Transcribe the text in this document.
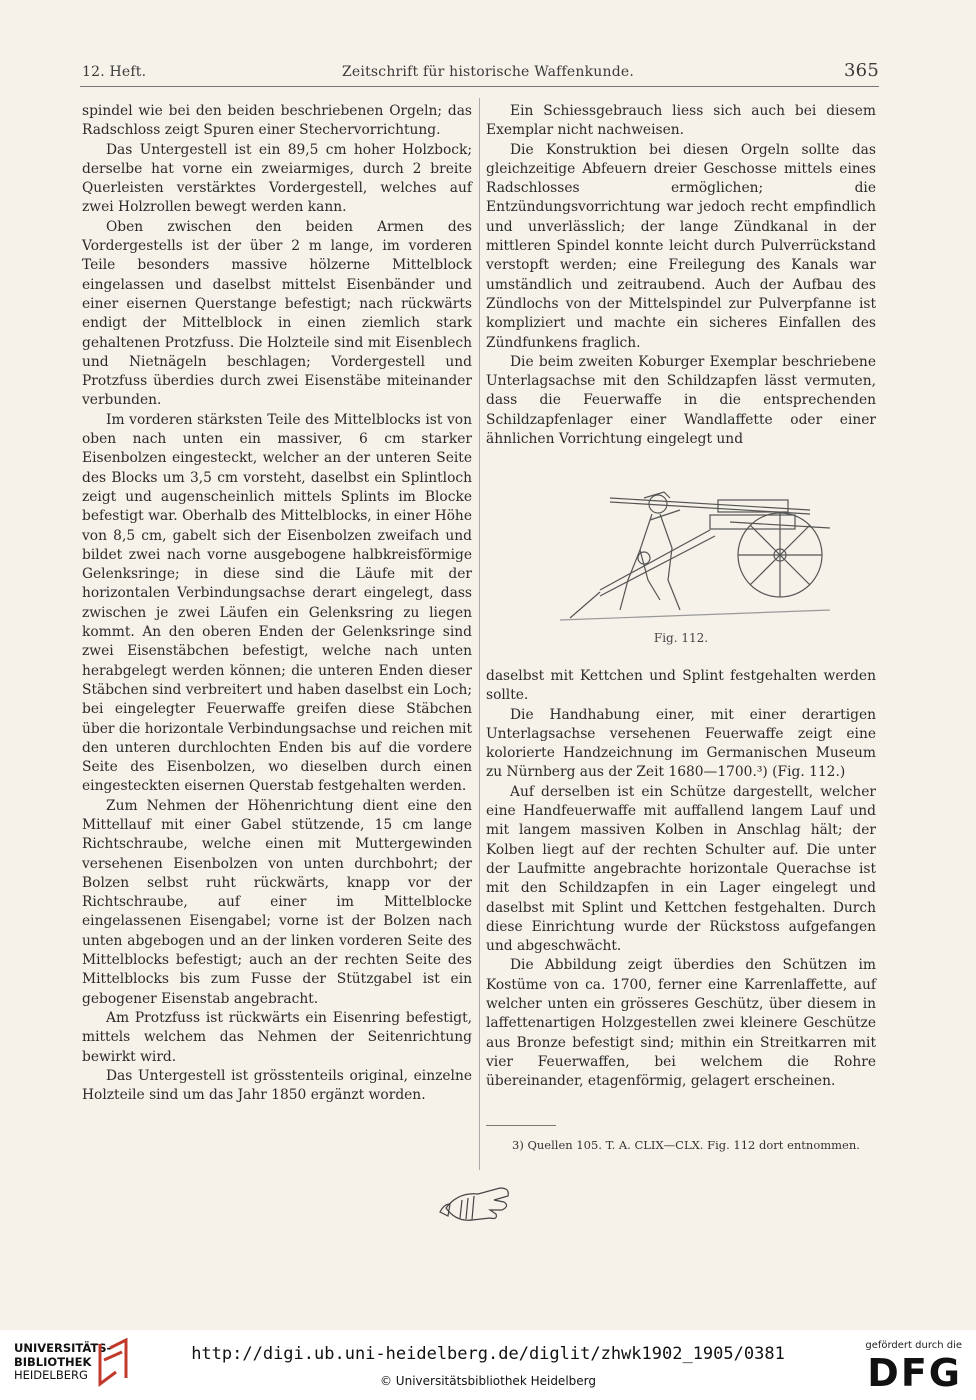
12. Heft.	Zeitschrift für historische Waffenkunde.	365

spindel wie bei den beiden beschriebenen Orgeln; das Radschloss zeigt Spuren einer Stechervorrichtung.

Das Untergestell ist ein 89,5 cm hoher Holzbock; derselbe hat vorne ein zweiarmiges, durch 2 breite Querleisten verstärktes Vordergestell, welches auf zwei Holzrollen bewegt werden kann.

Oben zwischen den beiden Armen des Vordergestells ist der über 2 m lange, im vorderen Teile besonders massive hölzerne Mittelblock eingelassen und daselbst mittelst Eisenbänder und einer eisernen Querstange befestigt; nach rückwärts endigt der Mittelblock in einen ziemlich stark gehaltenen Protzfuss. Die Holzteile sind mit Eisenblech und Nietnägeln beschlagen; Vordergestell und Protzfuss überdies durch zwei Eisenstäbe miteinander verbunden.

Im vorderen stärksten Teile des Mittelblocks ist von oben nach unten ein massiver, 6 cm starker Eisenbolzen eingesteckt, welcher an der unteren Seite des Blocks um 3,5 cm vorsteht, daselbst ein Splintloch zeigt und augenscheinlich mittels Splints im Blocke befestigt war. Oberhalb des Mittelblocks, in einer Höhe von 8,5 cm, gabelt sich der Eisenbolzen zweifach und bildet zwei nach vorne ausgebogene halbkreisförmige Gelenksringe; in diese sind die Läufe mit der horizontalen Verbindungsachse derart eingelegt, dass zwischen je zwei Läufen ein Gelenksring zu liegen kommt. An den oberen Enden der Gelenksringe sind zwei Eisenstäbchen befestigt, welche nach unten herabgelegt werden können; die unteren Enden dieser Stäbchen sind verbreitert und haben daselbst ein Loch; bei eingelegter Feuerwaffe greifen diese Stäbchen über die horizontale Verbindungsachse und reichen mit den unteren durchlochten Enden bis auf die vordere Seite des Eisenbolzen, wo dieselben durch einen eingesteckten eisernen Querstab festgehalten werden.

Zum Nehmen der Höhenrichtung dient eine den Mittellauf mit einer Gabel stützende, 15 cm lange Richtschraube, welche einen mit Muttergewinden versehenen Eisenbolzen von unten durchbohrt; der Bolzen selbst ruht rückwärts, knapp vor der Richtschraube, auf einer im Mittelblocke eingelassenen Eisengabel; vorne ist der Bolzen nach unten abgebogen und an der linken vorderen Seite des Mittelblocks befestigt; auch an der rechten Seite des Mittelblocks bis zum Fusse der Stützgabel ist ein gebogener Eisenstab angebracht.

Am Protzfuss ist rückwärts ein Eisenring befestigt, mittels welchem das Nehmen der Seitenrichtung bewirkt wird.

Das Untergestell ist grösstenteils original, einzelne Holzteile sind um das Jahr 1850 ergänzt worden.

Ein Schiessgebrauch liess sich auch bei diesem Exemplar nicht nachweisen.

Die Konstruktion bei diesen Orgeln sollte das gleichzeitige Abfeuern dreier Geschosse mittels eines Radschlosses ermöglichen; die Entzündungsvorrichtung war jedoch recht empfindlich und unverlässlich; der lange Zündkanal in der mittleren Spindel konnte leicht durch Pulverrückstand verstopft werden; eine Freilegung des Kanals war umständlich und zeitraubend. Auch der Aufbau des Zündlochs von der Mittelspindel zur Pulverpfanne ist kompliziert und machte ein sicheres Einfallen des Zündfunkens fraglich.

Die beim zweiten Koburger Exemplar beschriebene Unterlagsachse mit den Schildzapfen lässt vermuten, dass die Feuerwaffe in die entsprechenden Schildzapfenlager einer Wandlaffette oder einer ähnlichen Vorrichtung eingelegt und

Fig. 112.

daselbst mit Kettchen und Splint festgehalten werden sollte.

Die Handhabung einer, mit einer derartigen Unterlagsachse versehenen Feuerwaffe zeigt eine kolorierte Handzeichnung im Germanischen Museum zu Nürnberg aus der Zeit 1680—1700.³) (Fig. 112.)

Auf derselben ist ein Schütze dargestellt, welcher eine Handfeuerwaffe mit auffallend langem Lauf und mit langem massiven Kolben in Anschlag hält; der Kolben liegt auf der rechten Schulter auf. Die unter der Laufmitte angebrachte horizontale Querachse ist mit den Schildzapfen in ein Lager eingelegt und daselbst mit Splint und Kettchen festgehalten. Durch diese Einrichtung wurde der Rückstoss aufgefangen und abgeschwächt.

Die Abbildung zeigt überdies den Schützen im Kostüme von ca. 1700, ferner eine Karrenlaffette, auf welcher unten ein grösseres Geschütz, über diesem in laffettenartigen Holzgestellen zwei kleinere Geschütze aus Bronze befestigt sind; mithin ein Streitkarren mit vier Feuerwaffen, bei welchem die Rohre übereinander, etagenförmig, gelagert erscheinen.

3) Quellen 105. T. A. CLIX—CLX. Fig. 112 dort entnommen.
UNIVERSITÄTS-
BIBLIOTHEK
HEIDELBERG
http://digi.ub.uni-heidelberg.de/diglit/zhwk1902_1905/0381
© Universitätsbibliothek Heidelberg
gefördert durch die
DFG
